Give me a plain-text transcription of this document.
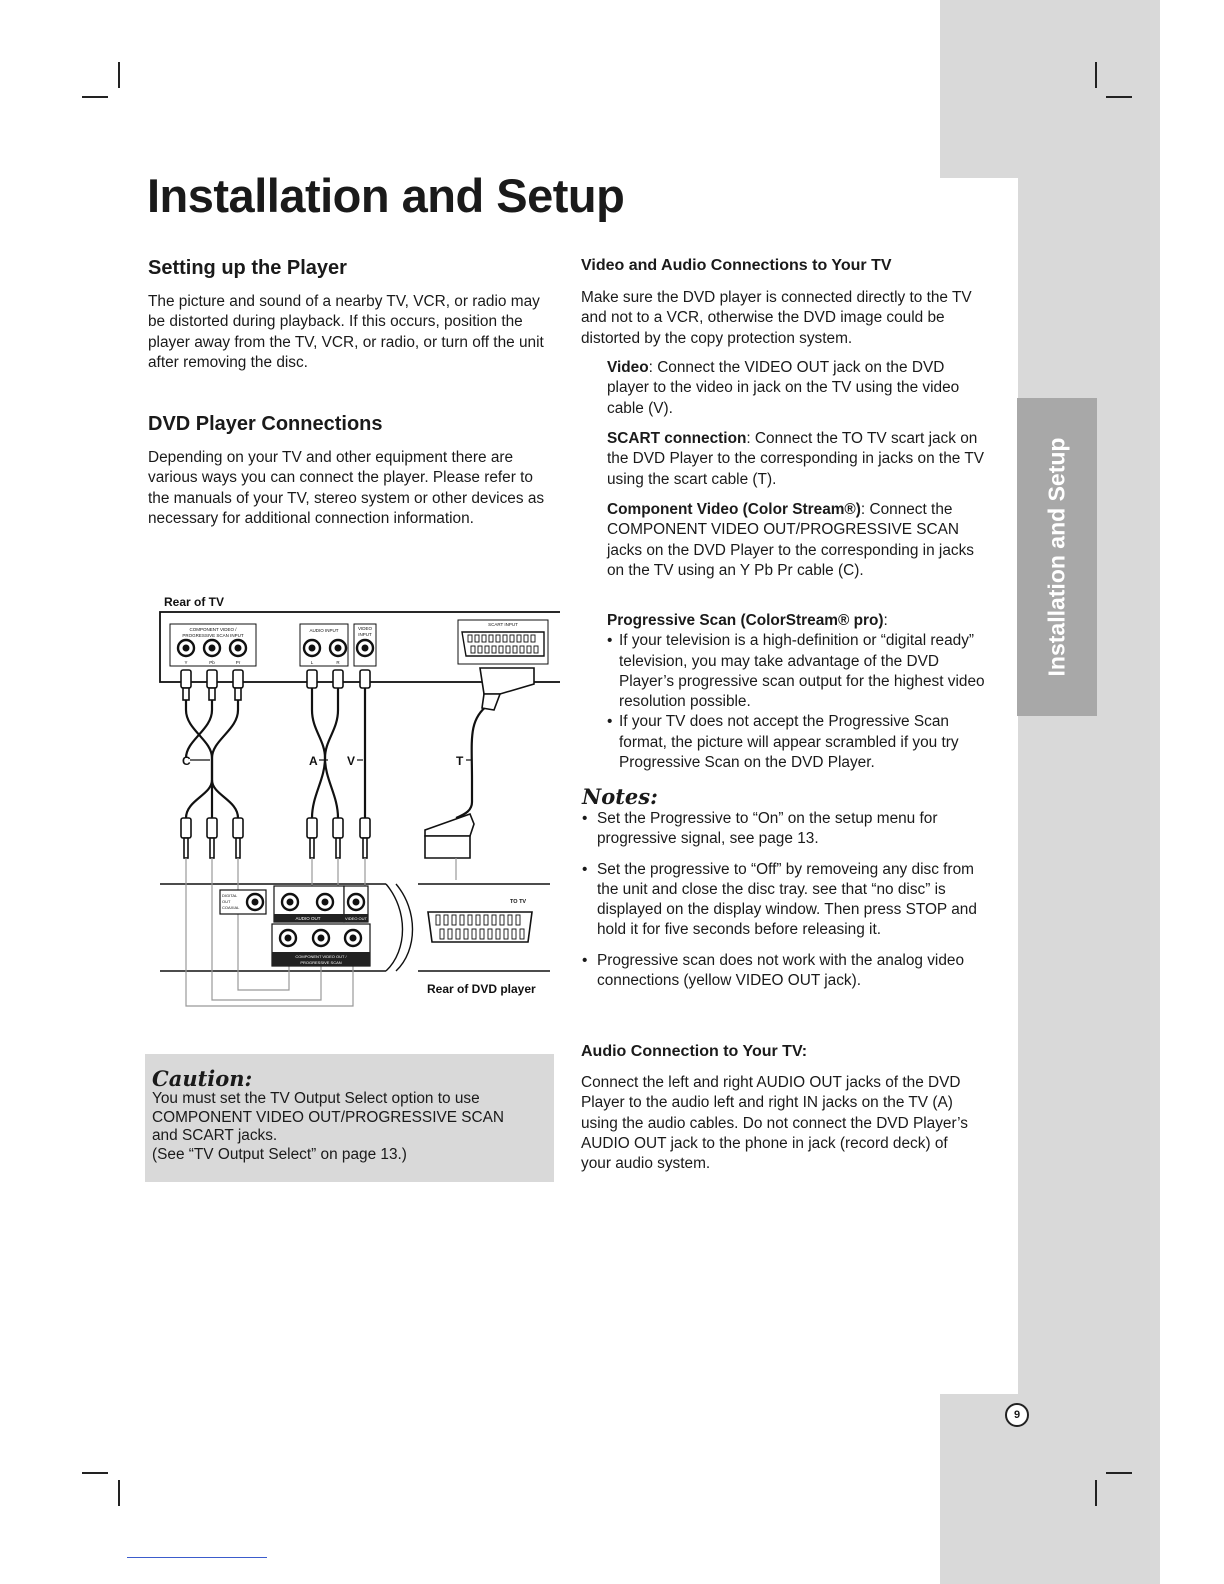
Installation and Setup
Installation and Setup
Setting up the Player

The picture and sound of a nearby TV, VCR, or radio may be distorted during playback. If this occurs, position the player away from the TV, VCR, or radio, or turn off the unit after removing the disc.

DVD Player Connections

Depending on your TV and other equipment there are various ways you can connect the player. Please refer to the manuals of your TV, stereo system or other devices as necessary for additional connection information.

Rear of TV
COMPONENT VIDEO /
PROGRESSIVE SCAN INPUT
Y	Pb	Pr
AUDIO INPUT
L	R
VIDEO
INPUT
SCART INPUT
C	A V	T
DIGITAL
OUT
COAXIAL
AUDIO OUT	VIDEO OUT
COMPONENT VIDEO OUT /
PROGRESSIVE SCAN
TO TV
Rear of DVD player
Caution:
You must set the TV Output Select option to use
COMPONENT VIDEO OUT/PROGRESSIVE SCAN
and SCART jacks.
(See “TV Output Select” on page 13.)
Video and Audio Connections to Your TV

Make sure the DVD player is connected directly to the TV and not to a VCR, otherwise the DVD image could be distorted by the copy protection system.

Video: Connect the VIDEO OUT jack on the DVD player to the video in jack on the TV using the video cable (V).

SCART connection: Connect the TO TV scart jack on the DVD Player to the corresponding in jacks on the TV using the scart cable (T).

Component Video (Color Stream®): Connect the COMPONENT VIDEO OUT/PROGRESSIVE SCAN jacks on the DVD Player to the corresponding in jacks on the TV using an Y Pb Pr cable (C).

Progressive Scan (ColorStream® pro):
• If your television is a high-definition or “digital ready” television, you may take advantage of the DVD Player’s progressive scan output for the highest video resolution possible.
• If your TV does not accept the Progressive Scan format, the picture will appear scrambled if you try Progressive Scan on the DVD Player.
Notes:
• Set the Progressive to “On” on the setup menu for progressive signal, see page 13.
• Set the progressive to “Off” by removeing any disc from the unit and close the disc tray. see that “no disc” is displayed on the display window. Then press STOP and hold it for five seconds before releasing it.
• Progressive scan does not work with the analog video connections (yellow VIDEO OUT jack).
Audio Connection to Your TV:

Connect the left and right AUDIO OUT jacks of the DVD Player to the audio left and right IN jacks on the TV (A) using the audio cables. Do not connect the DVD Player’s AUDIO OUT jack to the phone in jack (record deck) of your audio system.

9
